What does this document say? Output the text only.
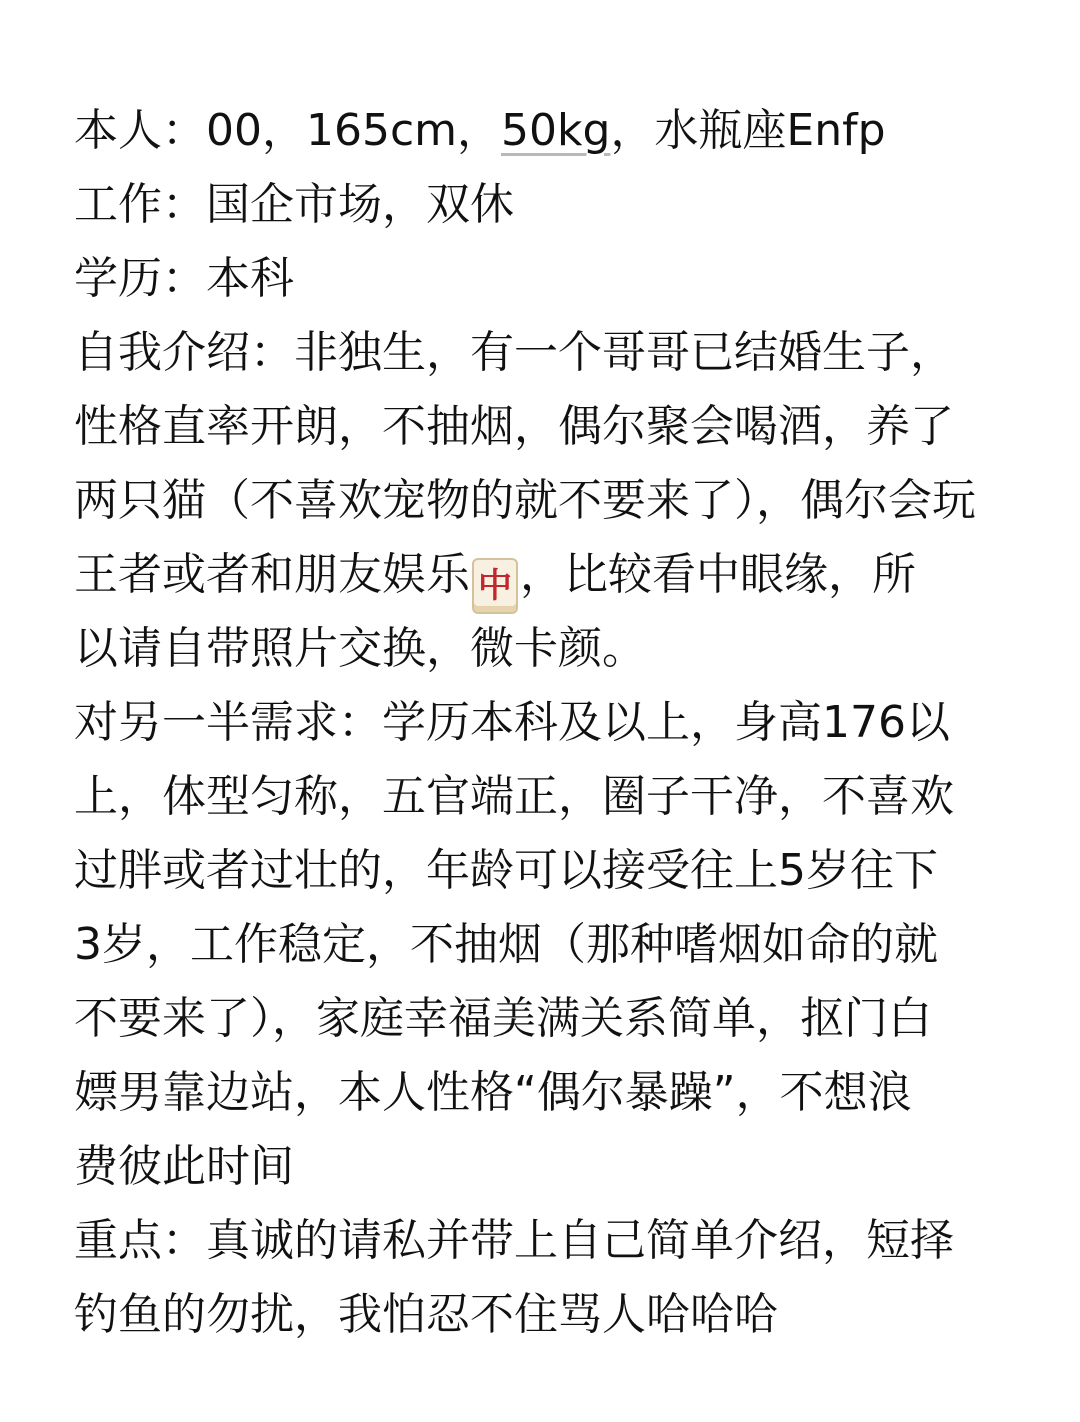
本人：00，165cm，50kg，水瓶座Enfp
工作：国企市场，双休
学历：本科
自我介绍：非独生，有一个哥哥已结婚生子，
性格直率开朗，不抽烟，偶尔聚会喝酒，养了
两只猫（不喜欢宠物的就不要来了），偶尔会玩
王者或者和朋友娱乐 中 ，比较看中眼缘，所
以请自带照片交换，微卡颜。
对另一半需求：学历本科及以上，身高176以
上，体型匀称，五官端正，圈子干净，不喜欢
过胖或者过壮的，年龄可以接受往上5岁往下
3岁，工作稳定，不抽烟（那种嗜烟如命的就
不要来了），家庭幸福美满关系简单，抠门白
嫖男靠边站，本人性格“偶尔暴躁”，不想浪
费彼此时间
重点：真诚的请私并带上自己简单介绍，短择
钓鱼的勿扰，我怕忍不住骂人哈哈哈
